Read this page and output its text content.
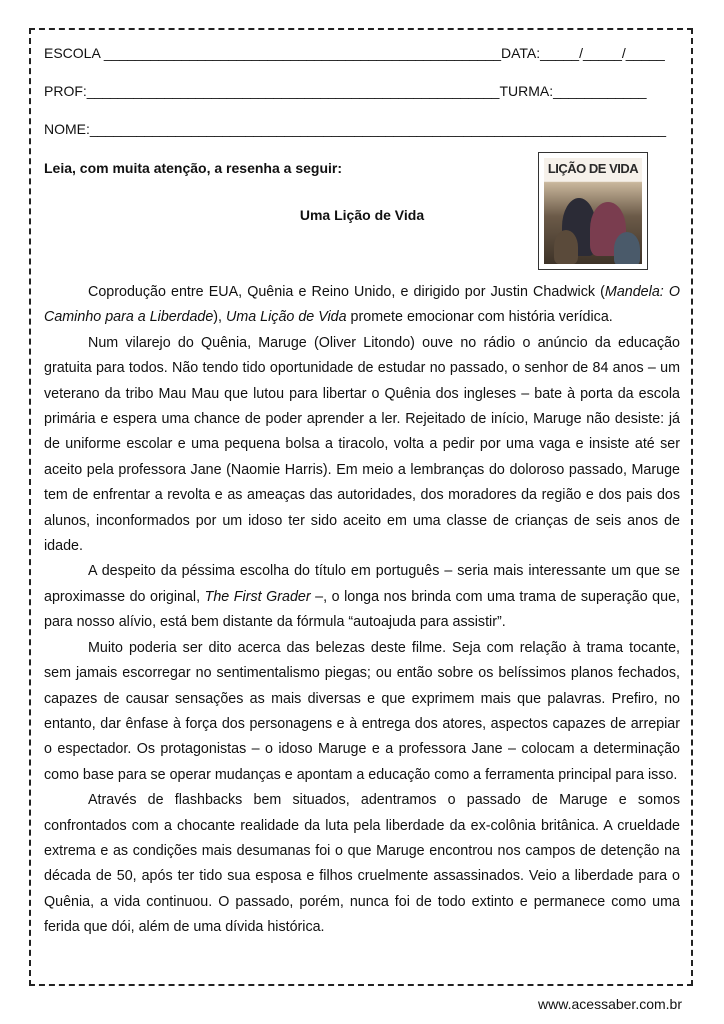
ESCOLA ___________________________________________________DATA:_____/_____/_____
PROF:_____________________________________________________TURMA:____________
NOME:__________________________________________________________________________
Leia, com muita atenção, a resenha a seguir:	LIÇÃO DE VIDA
Uma Lição de Vida

Coprodução entre EUA, Quênia e Reino Unido, e dirigido por Justin Chadwick (Mandela: O Caminho para a Liberdade), Uma Lição de Vida promete emocionar com história verídica.

Num vilarejo do Quênia, Maruge (Oliver Litondo) ouve no rádio o anúncio da educação gratuita para todos. Não tendo tido oportunidade de estudar no passado, o senhor de 84 anos – um veterano da tribo Mau Mau que lutou para libertar o Quênia dos ingleses – bate à porta da escola primária e espera uma chance de poder aprender a ler. Rejeitado de início, Maruge não desiste: já de uniforme escolar e uma pequena bolsa a tiracolo, volta a pedir por uma vaga e insiste até ser aceito pela professora Jane (Naomie Harris). Em meio a lembranças do doloroso passado, Maruge tem de enfrentar a revolta e as ameaças das autoridades, dos moradores da região e dos pais dos alunos, inconformados por um idoso ter sido aceito em uma classe de crianças de seis anos de idade.

A despeito da péssima escolha do título em português – seria mais interessante um que se aproximasse do original, The First Grader –, o longa nos brinda com uma trama de superação que, para nosso alívio, está bem distante da fórmula “autoajuda para assistir”.

Muito poderia ser dito acerca das belezas deste filme. Seja com relação à trama tocante, sem jamais escorregar no sentimentalismo piegas; ou então sobre os belíssimos planos fechados, capazes de causar sensações as mais diversas e que exprimem mais que palavras. Prefiro, no entanto, dar ênfase à força dos personagens e à entrega dos atores, aspectos capazes de arrepiar o espectador. Os protagonistas – o idoso Maruge e a professora Jane – colocam a determinação como base para se operar mudanças e apontam a educação como a ferramenta principal para isso.

Através de flashbacks bem situados, adentramos o passado de Maruge e somos confrontados com a chocante realidade da luta pela liberdade da ex-colônia britânica. A crueldade extrema e as condições mais desumanas foi o que Maruge encontrou nos campos de detenção na década de 50, após ter tido sua esposa e filhos cruelmente assassinados. Veio a liberdade para o Quênia, a vida continuou. O passado, porém, nunca foi de todo extinto e permanece como uma ferida que dói, além de uma dívida histórica.

www.acessaber.com.br
